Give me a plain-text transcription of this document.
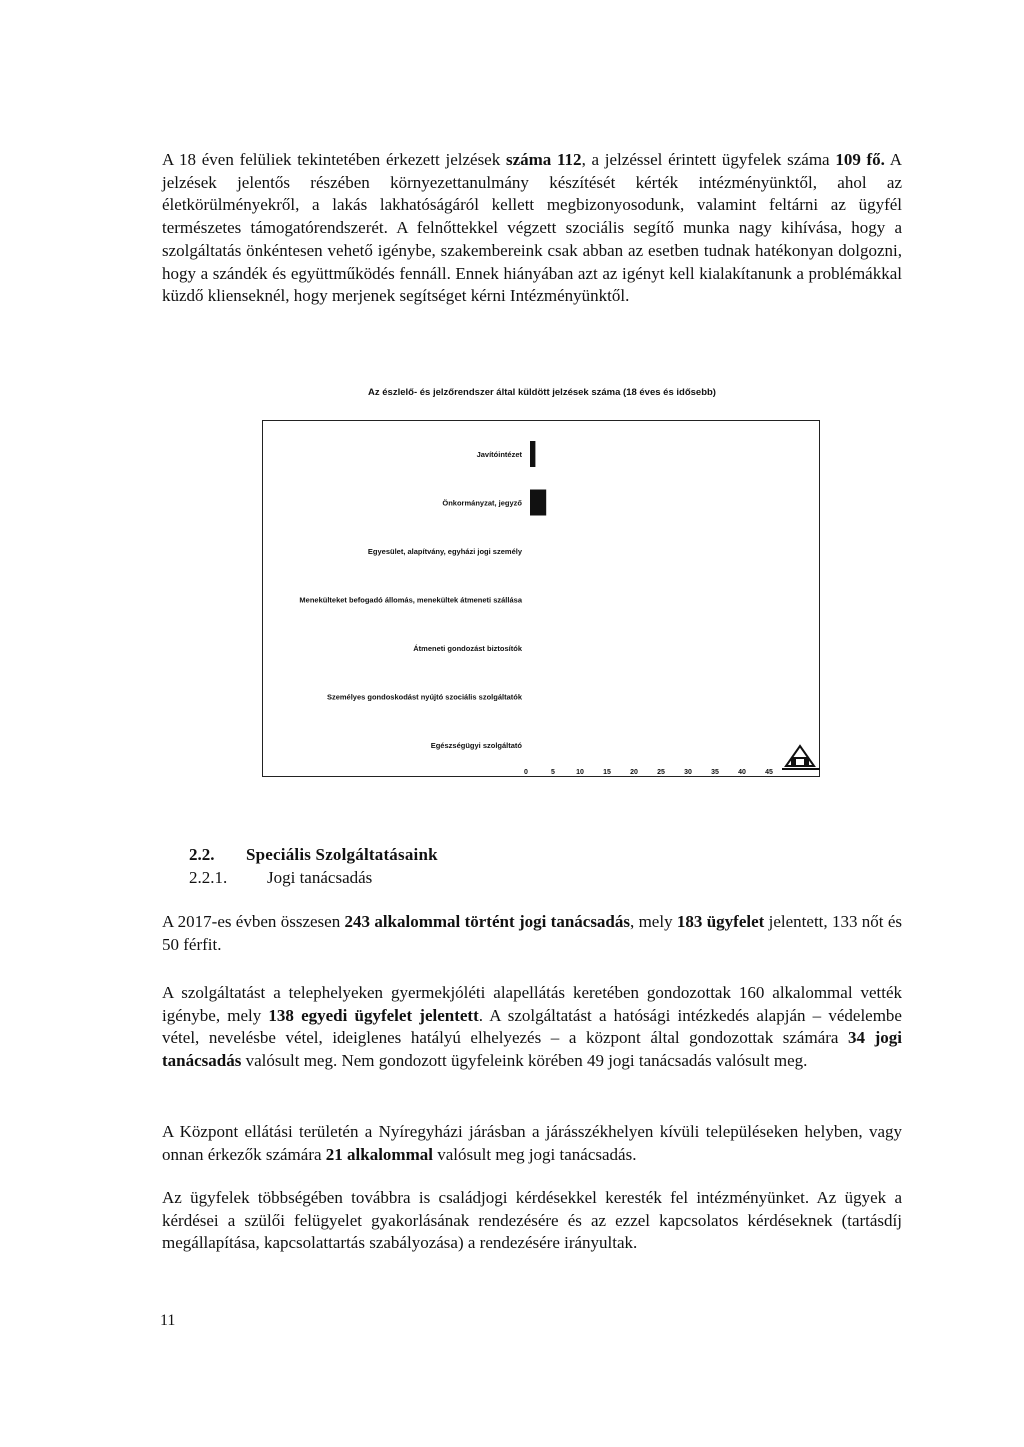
A 18 éven felüliek tekintetében érkezett jelzések száma 112, a jelzéssel érintett ügyfelek száma 109 fő. A jelzések jelentős részében környezettanulmány készítését kérték intézményünktől, ahol az életkörülményekről, a lakás lakhatóságáról kellett megbizonyosodunk, valamint feltárni az ügyfél természetes támogatórendszerét. A felnőttekkel végzett szociális segítő munka nagy kihívása, hogy a szolgáltatás önkéntesen vehető igénybe, szakembereink csak abban az esetben tudnak hatékonyan dolgozni, hogy a szándék és együttműködés fennáll. Ennek hiányában azt az igényt kell kialakítanunk a problémákkal küzdő klienseknél, hogy merjenek segítséget kérni Intézményünktől.

Az észlelő- és jelzőrendszer által küldött jelzések száma (18 éves és idősebb)
Javítóintézet
Önkormányzat, jegyző
Egyesület, alapítvány, egyházi jogi személy
Menekülteket befogadó állomás, menekültek átmeneti szállása
Átmeneti gondozást biztosítók
Személyes gondoskodást nyújtó szociális szolgáltatók
Egészségügyi szolgáltató
0	5	10	15	20	25	30	35	40	45
2.2. Speciális Szolgáltatásaink
2.2.1. Jogi tanácsadás

A 2017-es évben összesen 243 alkalommal történt jogi tanácsadás, mely 183 ügyfelet jelentett, 133 nőt és 50 férfit.

A szolgáltatást a telephelyeken gyermekjóléti alapellátás keretében gondozottak 160 alkalommal vették igénybe, mely 138 egyedi ügyfelet jelentett. A szolgáltatást a hatósági intézkedés alapján – védelembe vétel, nevelésbe vétel, ideiglenes hatályú elhelyezés – a központ által gondozottak számára 34 jogi tanácsadás valósult meg. Nem gondozott ügyfeleink körében 49 jogi tanácsadás valósult meg.

A Központ ellátási területén a Nyíregyházi járásban a járásszékhelyen kívüli településeken helyben, vagy onnan érkezők számára 21 alkalommal valósult meg jogi tanácsadás.

Az ügyfelek többségében továbbra is családjogi kérdésekkel keresték fel intézményünket. Az ügyek a kérdései a szülői felügyelet gyakorlásának rendezésére és az ezzel kapcsolatos kérdéseknek (tartásdíj megállapítása, kapcsolattartás szabályozása) a rendezésére irányultak.

11
